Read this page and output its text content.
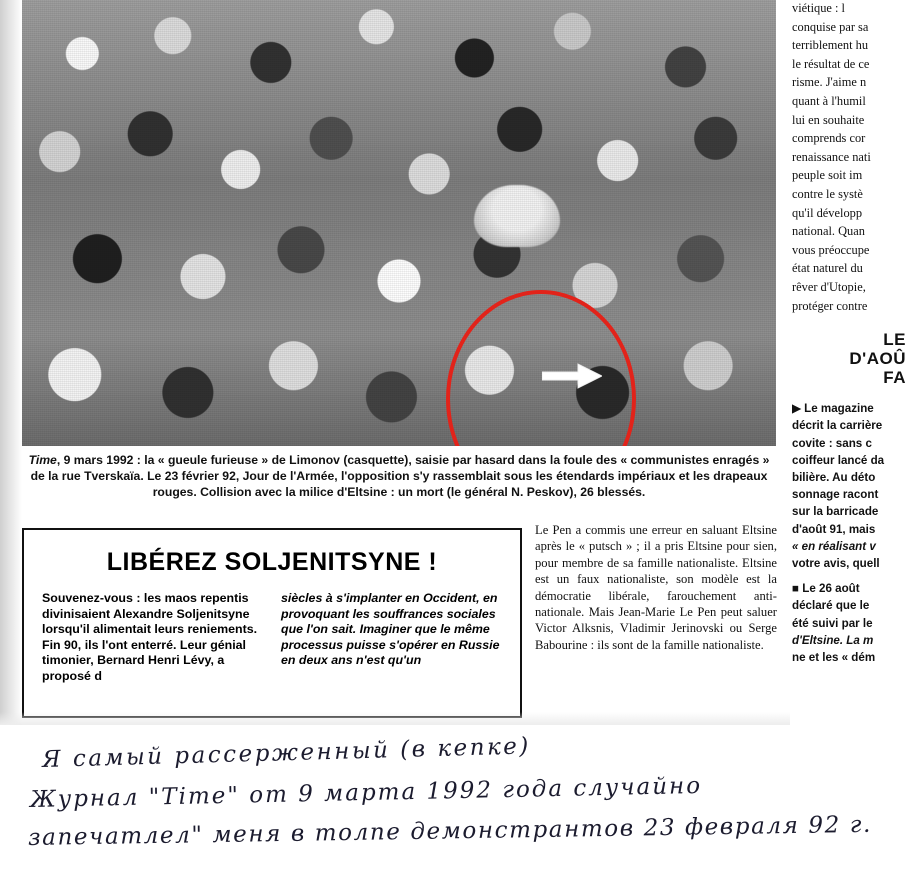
Time, 9 mars 1992 : la « gueule furieuse » de Limonov (casquette), saisie par hasard dans la foule des « communistes enragés »
de la rue Tverskaïa. Le 23 février 92, Jour de l'Armée, l'opposition s'y rassemblait sous les étendards impériaux et les drapeaux
rouges. Collision avec la milice d'Eltsine : un mort (le général N. Peskov), 26 blessés.
LIBÉREZ SOLJENITSYNE !
Souvenez-vous : les maos repentis divinisaient Alexandre Soljenitsyne lorsqu'il alimentait leurs reniements. Fin 90, ils l'ont enterré. Leur génial timonier, Bernard Henri Lévy, a proposé d
siècles à s'implanter en Occident, en provoquant les souffrances sociales que l'on sait. Imaginer que le même processus puisse s'opérer en Russie en deux ans n'est qu'un
Le Pen a commis une erreur en saluant Eltsine après le « putsch » ; il a pris Eltsine pour sien, pour membre de sa famille nationaliste. Eltsine est un faux nationaliste, son modèle est la démocratie libérale, farouchement anti-nationale. Mais Jean-Marie Le Pen peut saluer Victor Alksnis, Vladimir Jerinovski ou Serge Babourine : ils sont de la famille nationaliste.

viétique : l

conquise par sa

terriblement hu

le résultat de ce

risme. J'aime n

quant à l'humil

lui en souhaite

comprends cor

renaissance nati

peuple soit im

contre le systè

qu'il développ

national. Quan

vous préoccupe

état naturel du

rêver d'Utopie,

protéger contre

LE
D'AOÛ
FA

▶ Le magazine

décrit la carrière

covite : sans c

coiffeur lancé da

bilière. Au déto

sonnage racont

sur la barricade

d'août 91, mais

« en réalisant v

votre avis, quell

■ Le 26 août

déclaré que le

été suivi par le

d'Eltsine. La m

ne et les « dém

Я самый рассерженный (в кепке)
Журнал "Time" от 9 марта 1992 года случайно
запечатлел" меня в толпе демонстрантов 23 февраля 92 г.
